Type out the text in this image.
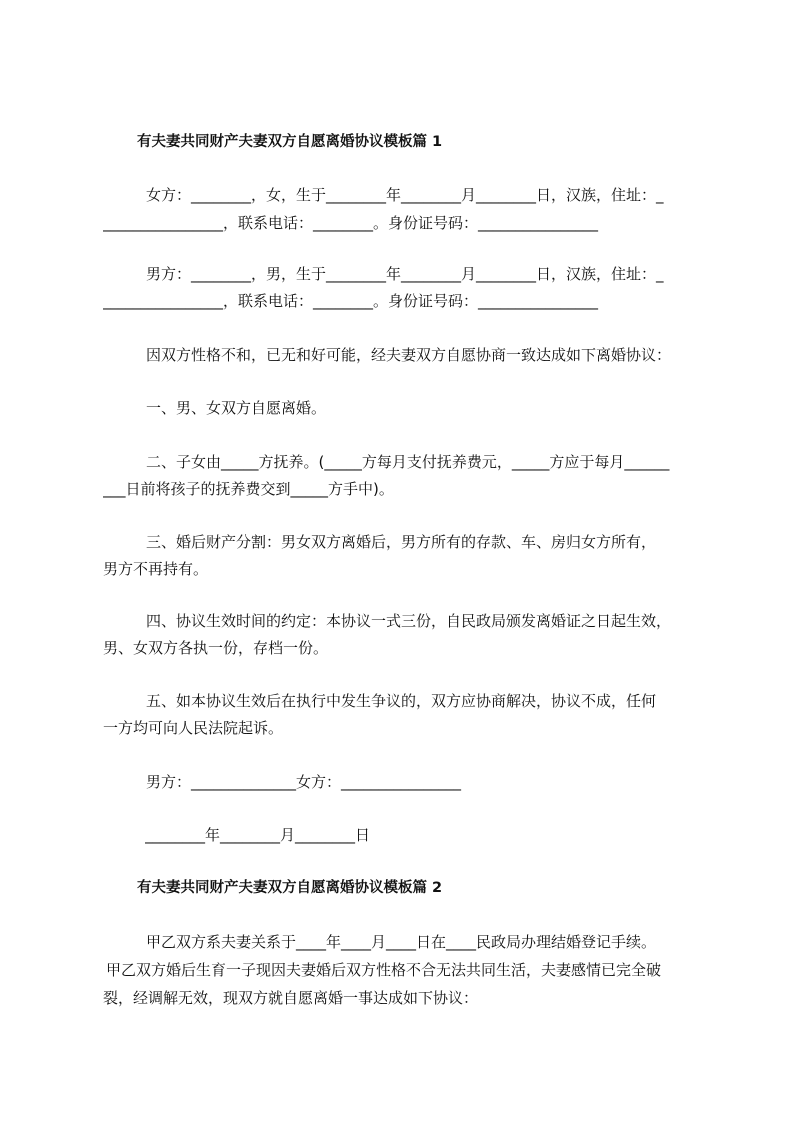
有夫妻共同财产夫妻双方自愿离婚协议模板篇 1
女方：________，女，生于________年________月________日，汉族，住址：_
________________，联系电话：________。身份证号码：________________
男方：________，男，生于________年________月________日，汉族，住址：_
________________，联系电话：________。身份证号码：________________
因双方性格不和，已无和好可能，经夫妻双方自愿协商一致达成如下离婚协议：
一、男、女双方自愿离婚。
二、子女由_____方抚养。(_____方每月支付抚养费元，_____方应于每月______
___日前将孩子的抚养费交到_____方手中)。
三、婚后财产分割：男女双方离婚后，男方所有的存款、车、房归女方所有，
男方不再持有。
四、协议生效时间的约定：本协议一式三份，自民政局颁发离婚证之日起生效，
男、女双方各执一份，存档一份。
五、如本协议生效后在执行中发生争议的，双方应协商解决，协议不成，任何
一方均可向人民法院起诉。
男方：______________女方：________________
________年________月________日
有夫妻共同财产夫妻双方自愿离婚协议模板篇 2
甲乙双方系夫妻关系于____年____月____日在____民政局办理结婚登记手续。
甲乙双方婚后生育一子现因夫妻婚后双方性格不合无法共同生活，夫妻感情已完全破
裂，经调解无效，现双方就自愿离婚一事达成如下协议：
